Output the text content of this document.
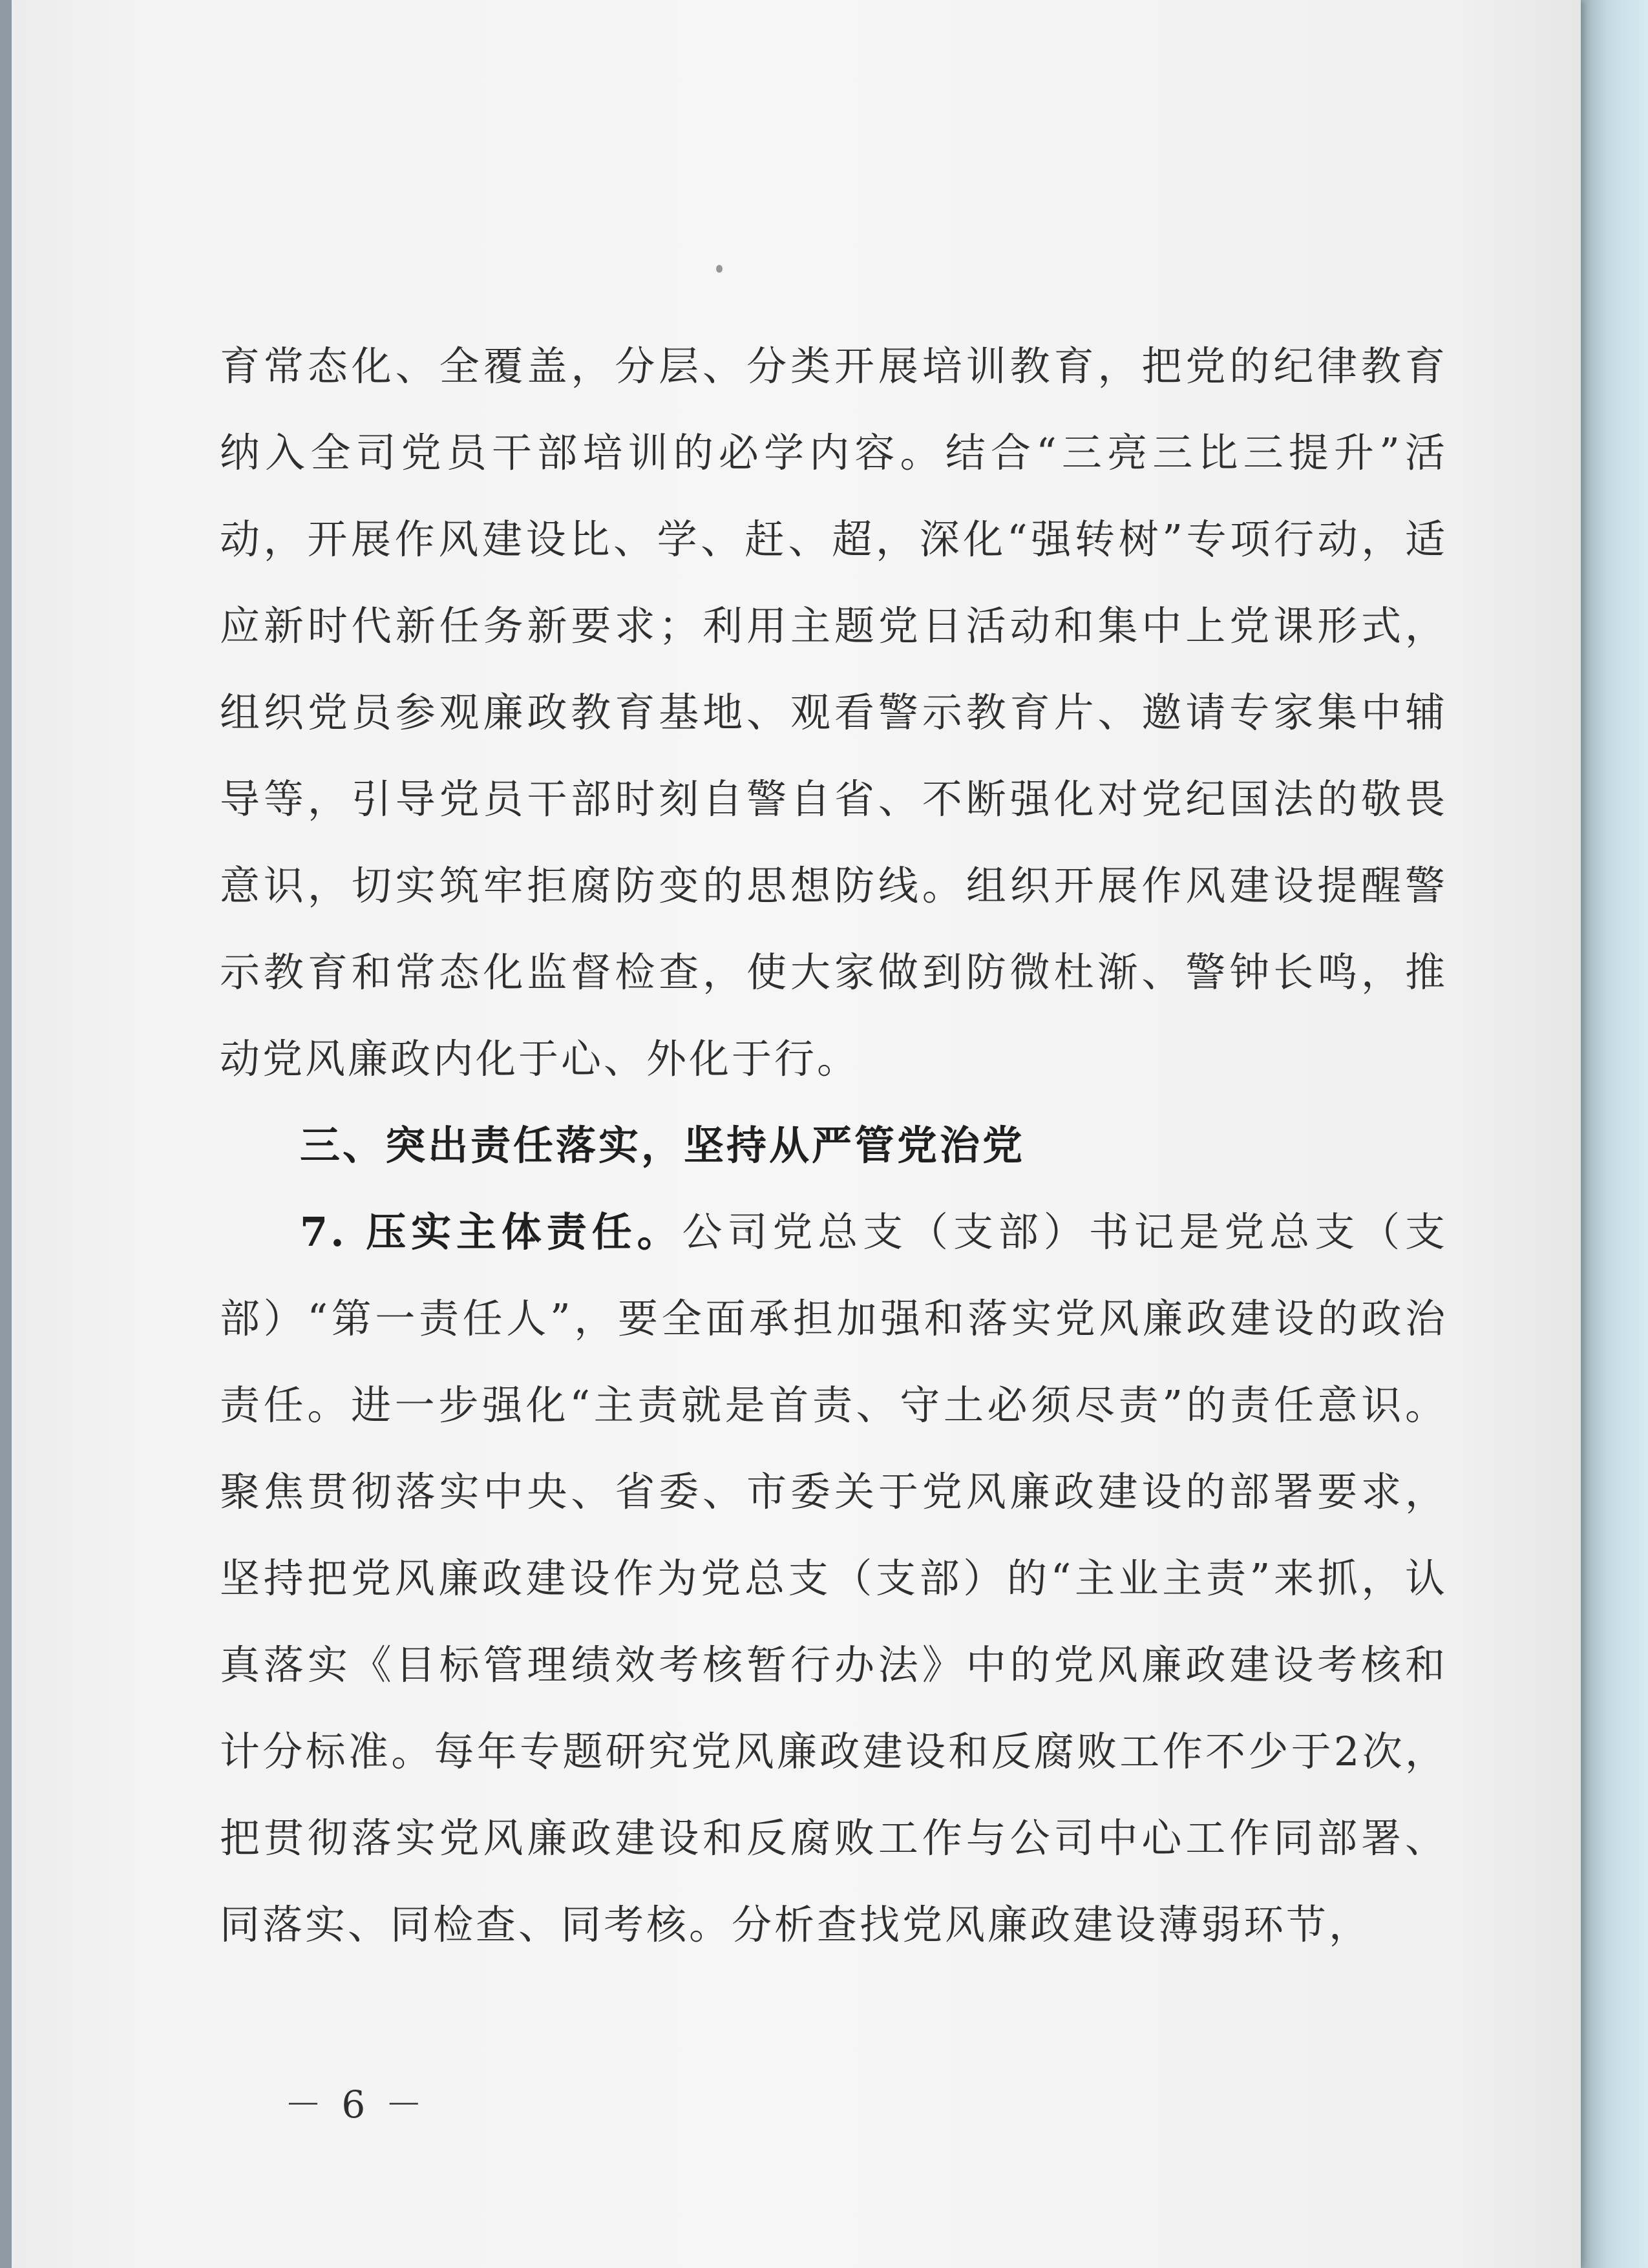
育常态化、全覆盖，分层、分类开展培训教育，把党的纪律教育纳入全司党员干部培训的必学内容。结合“三亮三比三提升”活动，开展作风建设比、学、赶、超，深化“强转树”专项行动，适应新时代新任务新要求；利用主题党日活动和集中上党课形式，组织党员参观廉政教育基地、观看警示教育片、邀请专家集中辅导等，引导党员干部时刻自警自省、不断强化对党纪国法的敬畏意识，切实筑牢拒腐防变的思想防线。组织开展作风建设提醒警示教育和常态化监督检查，使大家做到防微杜渐、警钟长鸣，推动党风廉政内化于心、外化于行。

三、突出责任落实，坚持从严管党治党

7. 压实主体责任。公司党总支（支部）书记是党总支（支部）“第一责任人”，要全面承担加强和落实党风廉政建设的政治责任。进一步强化“主责就是首责、守土必须尽责”的责任意识。聚焦贯彻落实中央、省委、市委关于党风廉政建设的部署要求，坚持把党风廉政建设作为党总支（支部）的“主业主责”来抓，认真落实《目标管理绩效考核暂行办法》中的党风廉政建设考核和计分标准。每年专题研究党风廉政建设和反腐败工作不少于2次，把贯彻落实党风廉政建设和反腐败工作与公司中心工作同部署、同落实、同检查、同考核。分析查找党风廉政建设薄弱环节，

－ 6 －
